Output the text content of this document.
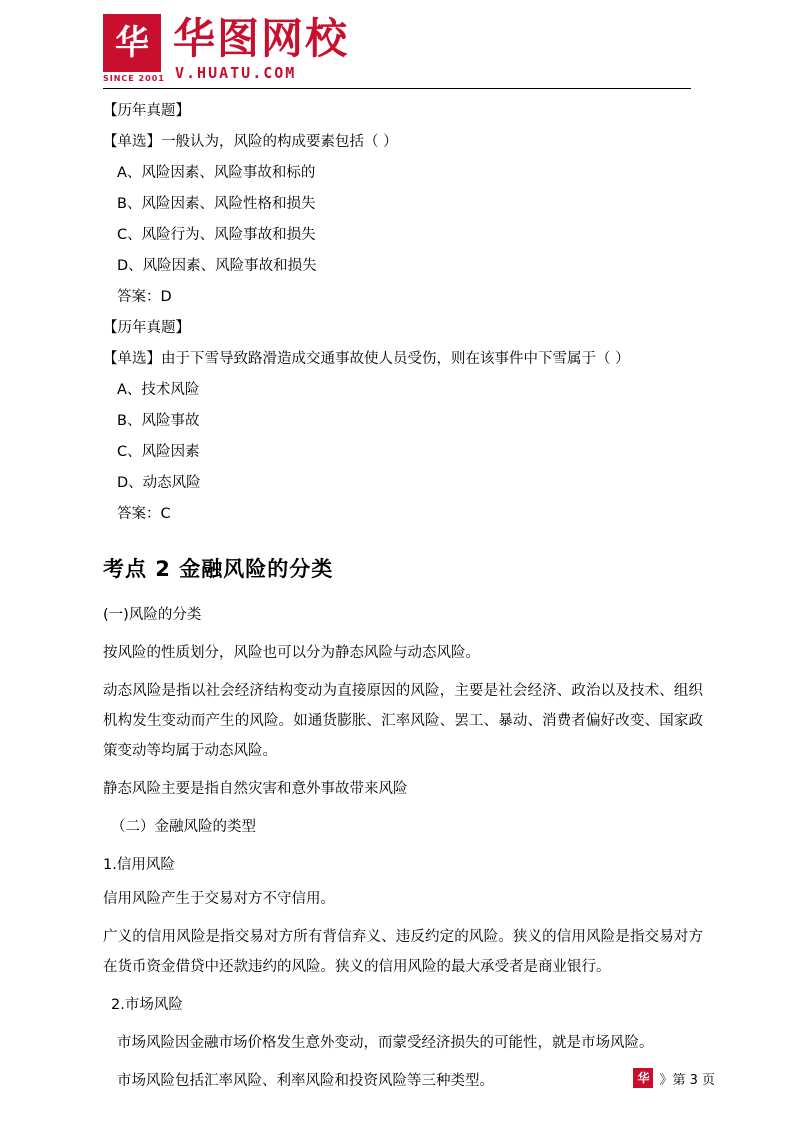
华 华图网校
SINCE 2001 V.HUATU.COM

【历年真题】

【单选】一般认为，风险的构成要素包括（ ）

A、风险因素、风险事故和标的

B、风险因素、风险性格和损失

C、风险行为、风险事故和损失

D、风险因素、风险事故和损失

答案：D

【历年真题】

【单选】由于下雪导致路滑造成交通事故使人员受伤，则在该事件中下雪属于（ ）

A、技术风险

B、风险事故

C、风险因素

D、动态风险

答案：C

考点 2 金融风险的分类

(一)风险的分类

按风险的性质划分，风险也可以分为静态风险与动态风险。

动态风险是指以社会经济结构变动为直接原因的风险，主要是社会经济、政治以及技术、组织机构发生变动而产生的风险。如通货膨胀、汇率风险、罢工、暴动、消费者偏好改变、国家政策变动等均属于动态风险。

静态风险主要是指自然灾害和意外事故带来风险

（二）金融风险的类型

1.信用风险

信用风险产生于交易对方不守信用。

广义的信用风险是指交易对方所有背信弃义、违反约定的风险。狭义的信用风险是指交易对方在货币资金借贷中还款违约的风险。狭义的信用风险的最大承受者是商业银行。

2.市场风险

市场风险因金融市场价格发生意外变动，而蒙受经济损失的可能性，就是市场风险。

市场风险包括汇率风险、利率风险和投资风险等三种类型。	华 》第 3 页
